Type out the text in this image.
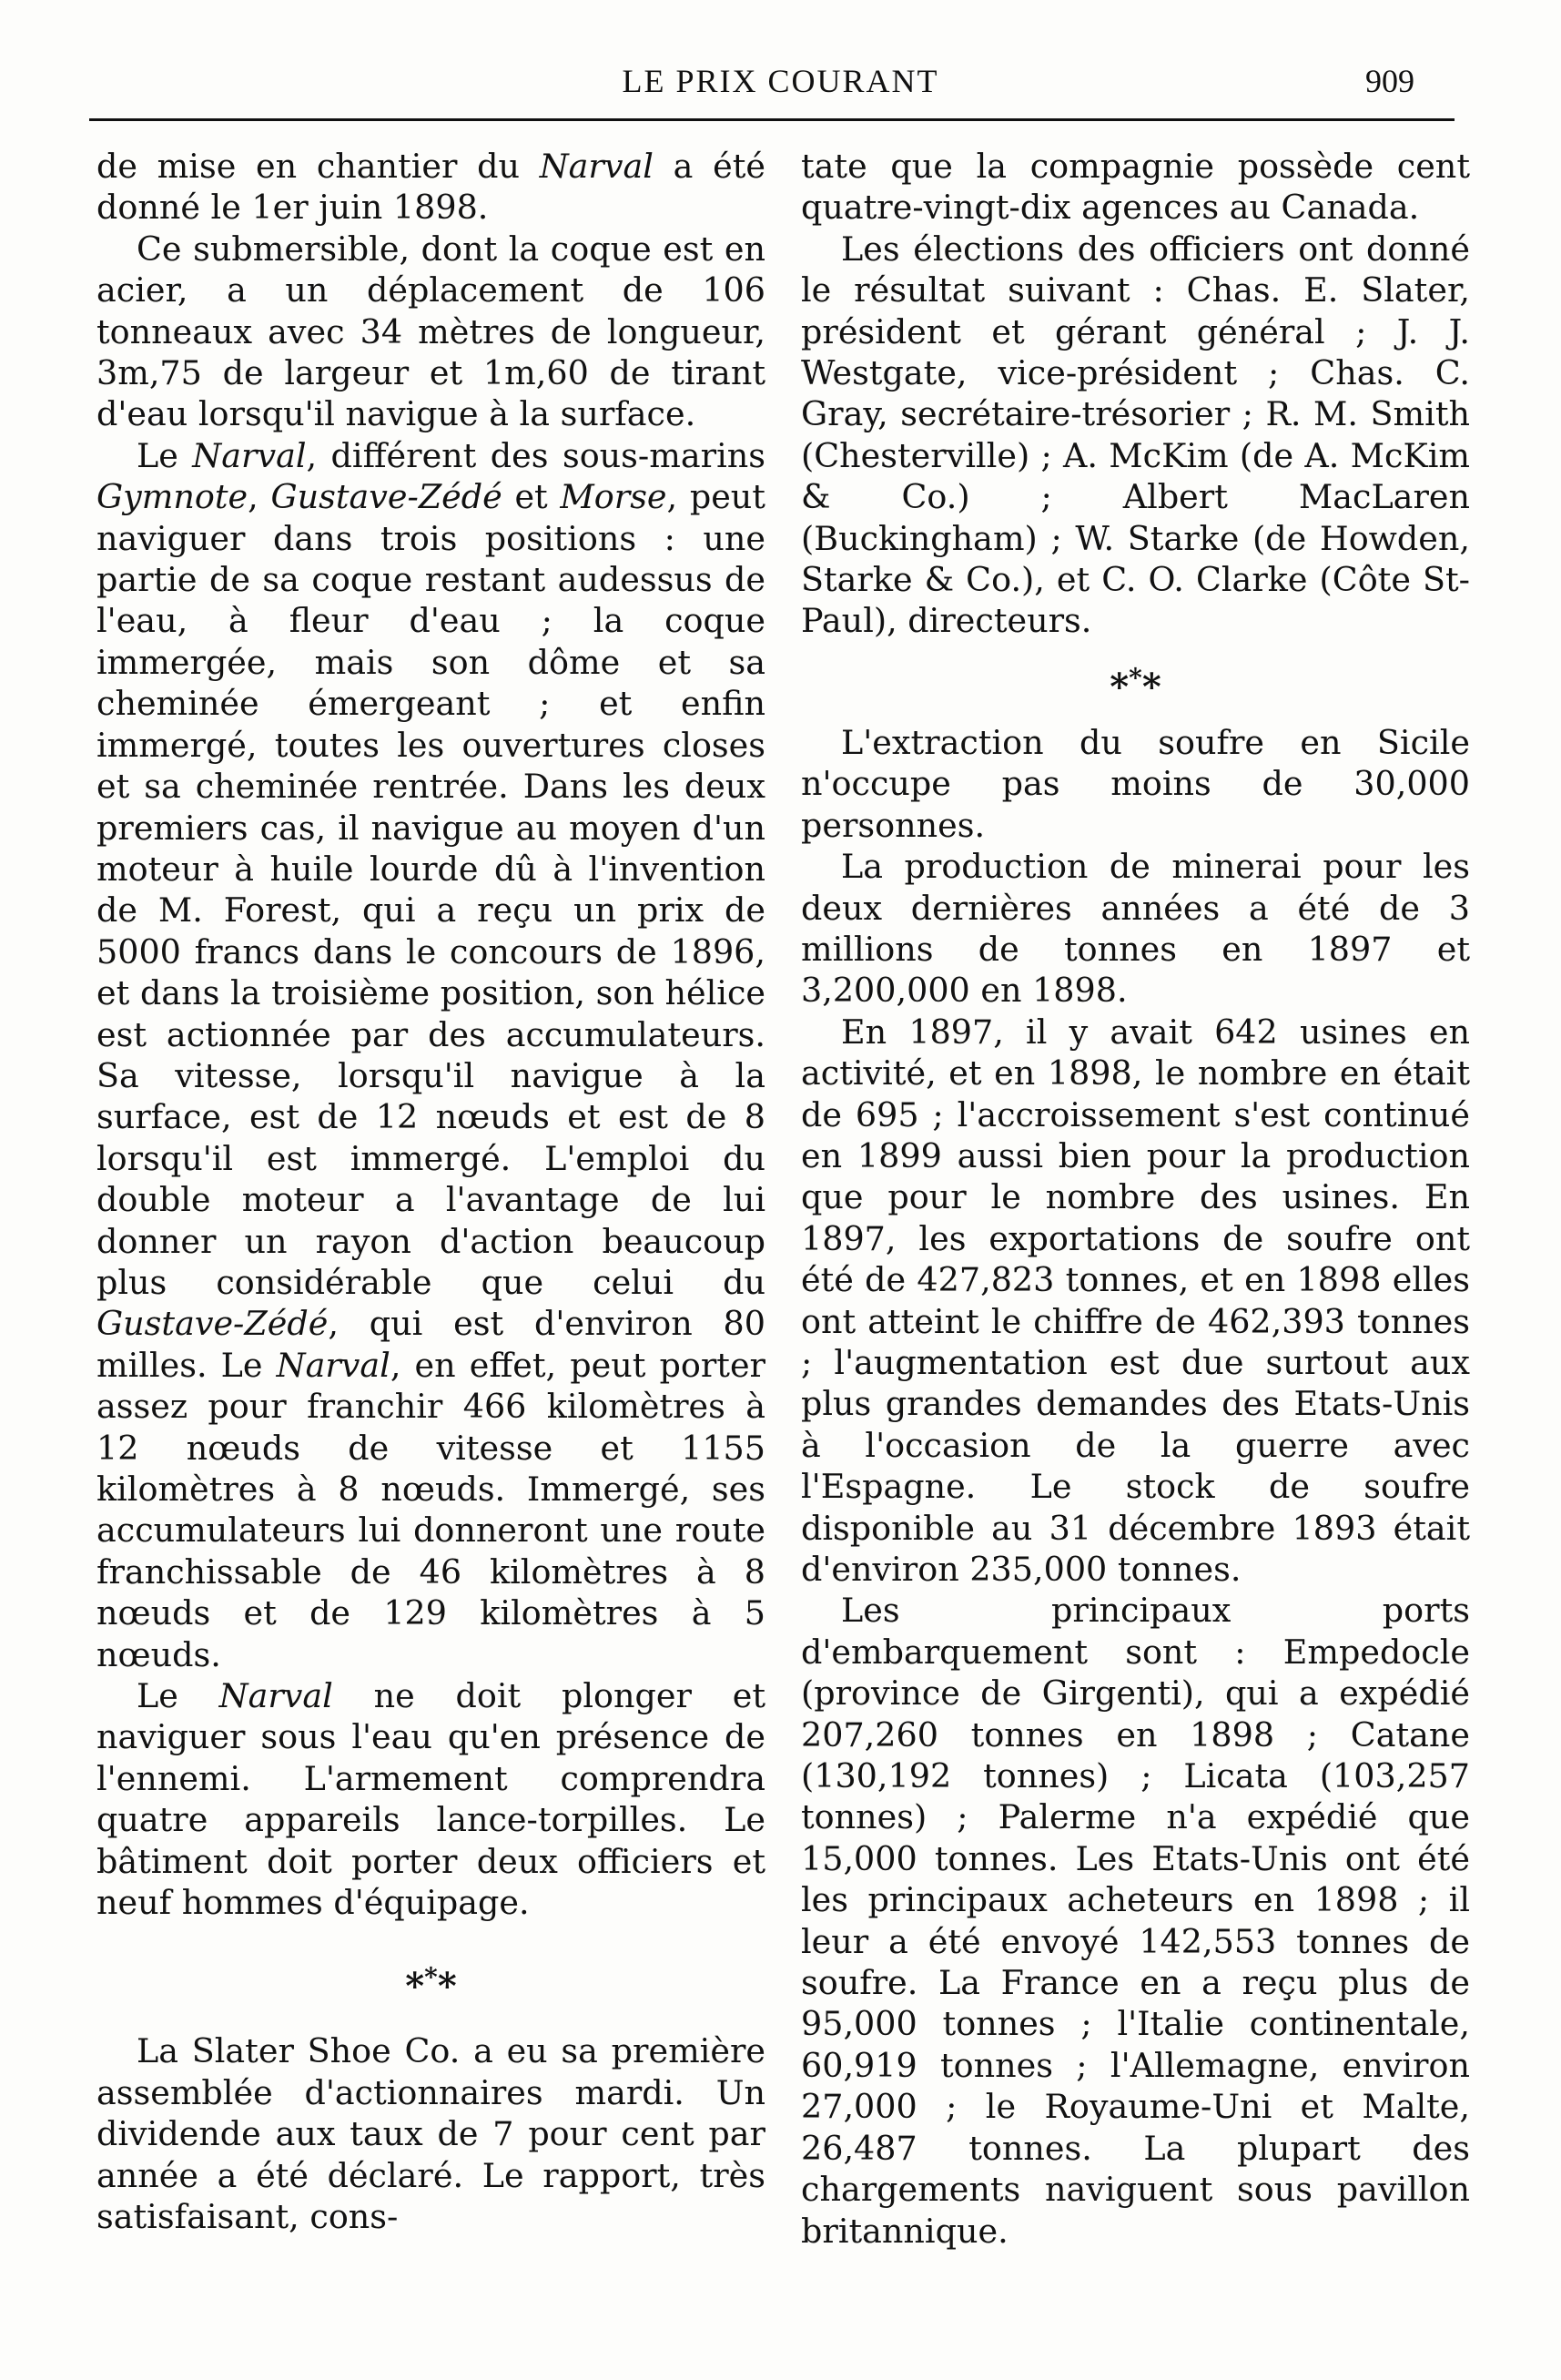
LE PRIX COURANT	909

de mise en chantier du Narval a été donné le 1er juin 1898.

Ce submersible, dont la coque est en acier, a un déplacement de 106 tonneaux avec 34 mètres de longueur, 3m,75 de largeur et 1m,60 de tirant d'eau lorsqu'il navigue à la surface.

Le Narval, différent des sous-marins Gymnote, Gustave-Zédé et Morse, peut naviguer dans trois positions : une partie de sa coque restant audessus de l'eau, à fleur d'eau ; la coque immergée, mais son dôme et sa cheminée émergeant ; et enfin immergé, toutes les ouvertures closes et sa cheminée rentrée. Dans les deux premiers cas, il navigue au moyen d'un moteur à huile lourde dû à l'invention de M. Forest, qui a reçu un prix de 5000 francs dans le concours de 1896, et dans la troisième position, son hélice est actionnée par des accumulateurs. Sa vitesse, lorsqu'il navigue à la surface, est de 12 nœuds et est de 8 lorsqu'il est immergé. L'emploi du double moteur a l'avantage de lui donner un rayon d'action beaucoup plus considérable que celui du Gustave-Zédé, qui est d'environ 80 milles. Le Narval, en effet, peut porter assez pour franchir 466 kilomètres à 12 nœuds de vitesse et 1155 kilomètres à 8 nœuds. Immergé, ses accumulateurs lui donneront une route franchissable de 46 kilomètres à 8 nœuds et de 129 kilomètres à 5 nœuds.

Le Narval ne doit plonger et naviguer sous l'eau qu'en présence de l'ennemi. L'armement comprendra quatre appareils lance-torpilles. Le bâtiment doit porter deux officiers et neuf hommes d'équipage.

***

La Slater Shoe Co. a eu sa première assemblée d'actionnaires mardi. Un dividende aux taux de 7 pour cent par année a été déclaré. Le rapport, très satisfaisant, cons-

tate que la compagnie possède cent quatre-vingt-dix agences au Canada.

Les élections des officiers ont donné le résultat suivant : Chas. E. Slater, président et gérant général ; J. J. Westgate, vice-président ; Chas. C. Gray, secrétaire-trésorier ; R. M. Smith (Chesterville) ; A. McKim (de A. McKim & Co.) ; Albert MacLaren (Buckingham) ; W. Starke (de Howden, Starke & Co.), et C. O. Clarke (Côte St-Paul), directeurs.

***

L'extraction du soufre en Sicile n'occupe pas moins de 30,000 personnes.

La production de minerai pour les deux dernières années a été de 3 millions de tonnes en 1897 et 3,200,000 en 1898.

En 1897, il y avait 642 usines en activité, et en 1898, le nombre en était de 695 ; l'accroissement s'est continué en 1899 aussi bien pour la production que pour le nombre des usines. En 1897, les exportations de soufre ont été de 427,823 tonnes, et en 1898 elles ont atteint le chiffre de 462,393 tonnes ; l'augmentation est due surtout aux plus grandes demandes des Etats-Unis à l'occasion de la guerre avec l'Espagne. Le stock de soufre disponible au 31 décembre 1893 était d'environ 235,000 tonnes.

Les principaux ports d'embarquement sont : Empedocle (province de Girgenti), qui a expédié 207,260 tonnes en 1898 ; Catane (130,192 tonnes) ; Licata (103,257 tonnes) ; Palerme n'a expédié que 15,000 tonnes. Les Etats-Unis ont été les principaux acheteurs en 1898 ; il leur a été envoyé 142,553 tonnes de soufre. La France en a reçu plus de 95,000 tonnes ; l'Italie continentale, 60,919 tonnes ; l'Allemagne, environ 27,000 ; le Royaume-Uni et Malte, 26,487 tonnes. La plupart des chargements naviguent sous pavillon britannique.
